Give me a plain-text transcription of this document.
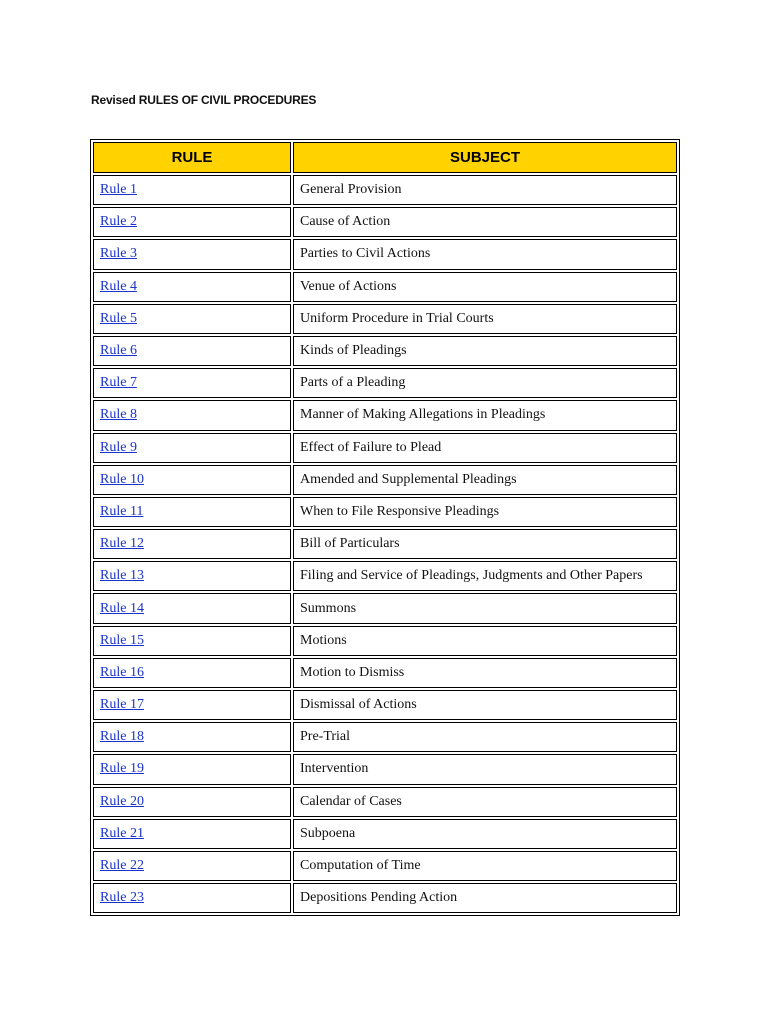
Revised RULES OF CIVIL PROCEDURES

RULE	SUBJECT
Rule 1	General Provision
Rule 2	Cause of Action
Rule 3	Parties to Civil Actions
Rule 4	Venue of Actions
Rule 5	Uniform Procedure in Trial Courts
Rule 6	Kinds of Pleadings
Rule 7	Parts of a Pleading
Rule 8	Manner of Making Allegations in Pleadings
Rule 9	Effect of Failure to Plead
Rule 10	Amended and Supplemental Pleadings
Rule 11	When to File Responsive Pleadings
Rule 12	Bill of Particulars
Rule 13	Filing and Service of Pleadings, Judgments and Other Papers
Rule 14	Summons
Rule 15	Motions
Rule 16	Motion to Dismiss
Rule 17	Dismissal of Actions
Rule 18	Pre-Trial
Rule 19	Intervention
Rule 20	Calendar of Cases
Rule 21	Subpoena
Rule 22	Computation of Time
Rule 23	Depositions Pending Action
